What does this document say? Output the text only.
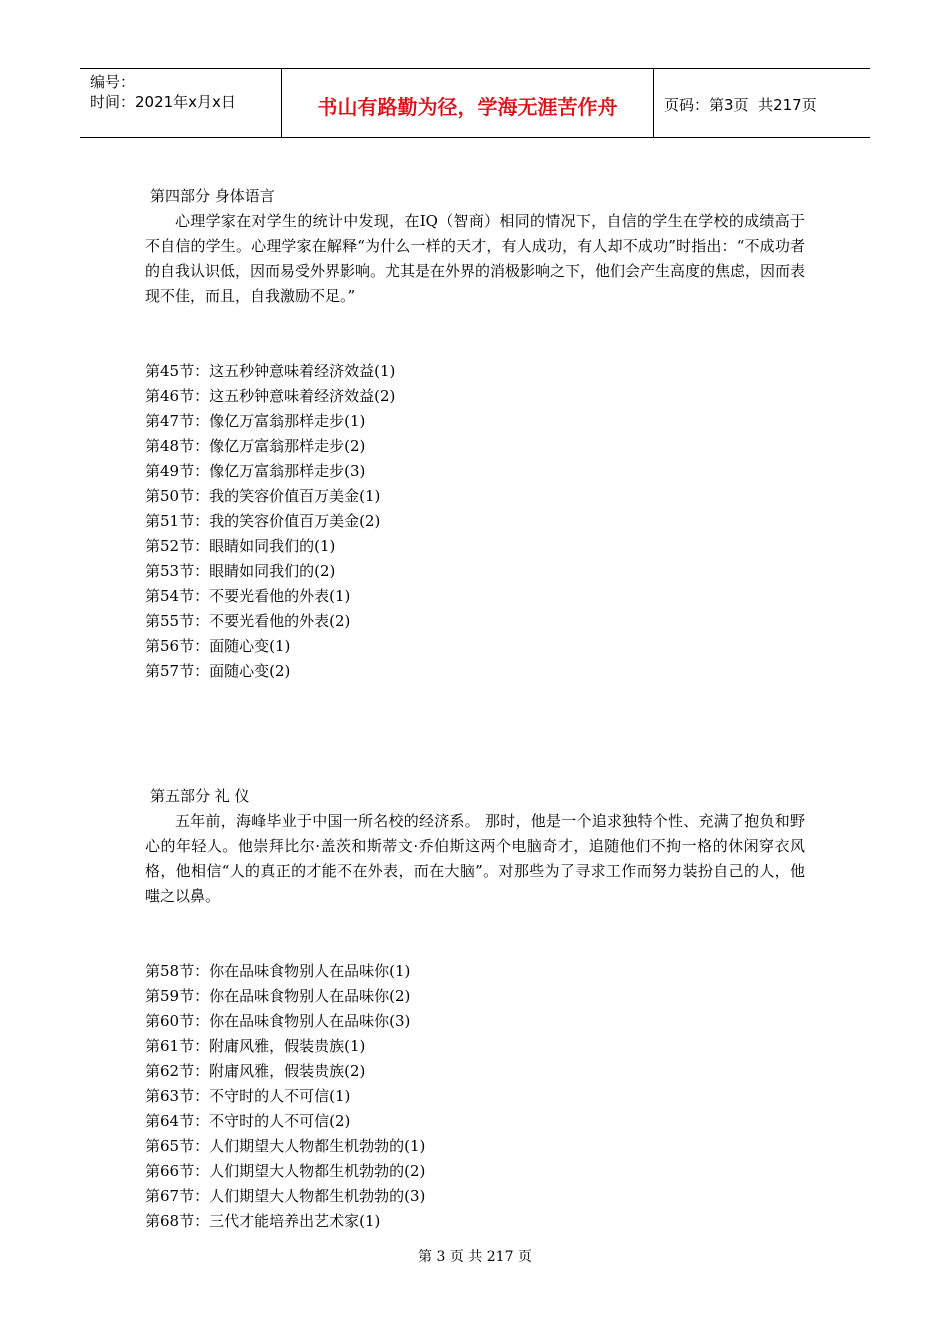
编号：
时间：2021年x月x日	书山有路勤为径，学海无涯苦作舟	页码：第3页  共217页
第四部分 身体语言

心理学家在对学生的统计中发现，在IQ（智商）相同的情况下，自信的学生在学校的成绩高于不自信的学生。心理学家在解释“为什么一样的天才，有人成功，有人却不成功”时指出：“不成功者的自我认识低，因而易受外界影响。尤其是在外界的消极影响之下，他们会产生高度的焦虑，因而表现不佳，而且，自我激励不足。”

第45节：这五秒钟意味着经济效益(1)
第46节：这五秒钟意味着经济效益(2)
第47节：像亿万富翁那样走步(1)
第48节：像亿万富翁那样走步(2)
第49节：像亿万富翁那样走步(3)
第50节：我的笑容价值百万美金(1)
第51节：我的笑容价值百万美金(2)
第52节：眼睛如同我们的(1)
第53节：眼睛如同我们的(2)
第54节：不要光看他的外表(1)
第55节：不要光看他的外表(2)
第56节：面随心变(1)
第57节：面随心变(2)
第五部分 礼 仪

五年前，海峰毕业于中国一所名校的经济系。 那时，他是一个追求独特个性、充满了抱负和野心的年轻人。他崇拜比尔·盖茨和斯蒂文·乔伯斯这两个电脑奇才，追随他们不拘一格的休闲穿衣风格，他相信“人的真正的才能不在外表，而在大脑”。对那些为了寻求工作而努力装扮自己的人，他嗤之以鼻。

第58节：你在品味食物别人在品味你(1)
第59节：你在品味食物别人在品味你(2)
第60节：你在品味食物别人在品味你(3)
第61节：附庸风雅，假装贵族(1)
第62节：附庸风雅，假装贵族(2)
第63节：不守时的人不可信(1)
第64节：不守时的人不可信(2)
第65节：人们期望大人物都生机勃勃的(1)
第66节：人们期望大人物都生机勃勃的(2)
第67节：人们期望大人物都生机勃勃的(3)
第68节：三代才能培养出艺术家(1)
第 3 页 共 217 页
